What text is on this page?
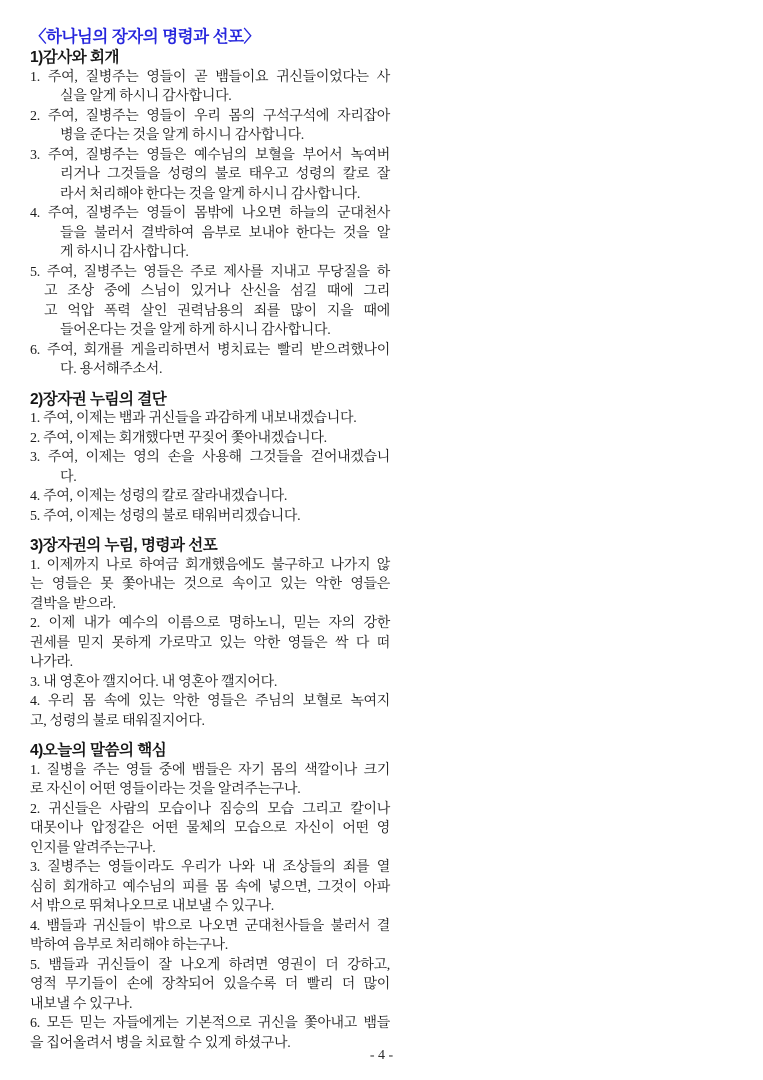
〈하나님의 장자의 명령과 선포〉
1)감사와 회개
1. 주여, 질병주는 영들이 곧 뱀들이요 귀신들이었다는 사
실을 알게 하시니 감사합니다.
2. 주여, 질병주는 영들이 우리 몸의 구석구석에 자리잡아
병을 준다는 것을 알게 하시니 감사합니다.
3. 주여, 질병주는 영들은 예수님의 보혈을 부어서 녹여버
리거나 그것들을 성령의 불로 태우고 성령의 칼로 잘
라서 처리해야 한다는 것을 알게 하시니 감사합니다.
4. 주여, 질병주는 영들이 몸밖에 나오면 하늘의 군대천사
들을 불러서 결박하여 음부로 보내야 한다는 것을 알
게 하시니 감사합니다.
5. 주여, 질병주는 영들은 주로 제사를 지내고 무당질을 하
고 조상 중에 스님이 있거나 산신을 섬길 때에 그리
고 억압 폭력 살인 권력남용의 죄를 많이 지을 때에
들어온다는 것을 알게 하게 하시니 감사합니다.
6. 주여, 회개를 게을리하면서 병치료는 빨리 받으려했나이
다. 용서해주소서.
2)장자권 누림의 결단
1. 주여, 이제는 뱀과 귀신들을 과감하게 내보내겠습니다.
2. 주여, 이제는 회개했다면 꾸짖어 쫓아내겠습니다.
3. 주여, 이제는 영의 손을 사용해 그것들을 걷어내겠습니
다.
4. 주여, 이제는 성령의 칼로 잘라내겠습니다.
5. 주여, 이제는 성령의 불로 태워버리겠습니다.
3)장자권의 누림, 명령과 선포
1. 이제까지 나로 하여금 회개했음에도 불구하고 나가지 않
는 영들은 못 쫓아내는 것으로 속이고 있는 악한 영들은
결박을 받으라.
2. 이제 내가 예수의 이름으로 명하노니, 믿는 자의 강한
권세를 믿지 못하게 가로막고 있는 악한 영들은 싹 다 떠
나가라.
3. 내 영혼아 깰지어다. 내 영혼아 깰지어다.
4. 우리 몸 속에 있는 악한 영들은 주님의 보혈로 녹여지
고, 성령의 불로 태워질지어다.
4)오늘의 말씀의 핵심
1. 질병을 주는 영들 중에 뱀들은 자기 몸의 색깔이나 크기
로 자신이 어떤 영들이라는 것을 알려주는구나.
2. 귀신들은 사람의 모습이나 짐승의 모습 그리고 칼이나
대못이나 압정같은 어떤 물체의 모습으로 자신이 어떤 영
인지를 알려주는구나.
3. 질병주는 영들이라도 우리가 나와 내 조상들의 죄를 열
심히 회개하고 예수님의 피를 몸 속에 넣으면, 그것이 아파
서 밖으로 뛰쳐나오므로 내보낼 수 있구나.
4. 뱀들과 귀신들이 밖으로 나오면 군대천사들을 불러서 결
박하여 음부로 처리해야 하는구나.
5. 뱀들과 귀신들이 잘 나오게 하려면 영권이 더 강하고,
영적 무기들이 손에 장착되어 있을수록 더 빨리 더 많이
내보낼 수 있구나.
6. 모든 믿는 자들에게는 기본적으로 귀신을 쫓아내고 뱀들
을 집어올려서 병을 치료할 수 있게 하셨구나.
- 4 -
